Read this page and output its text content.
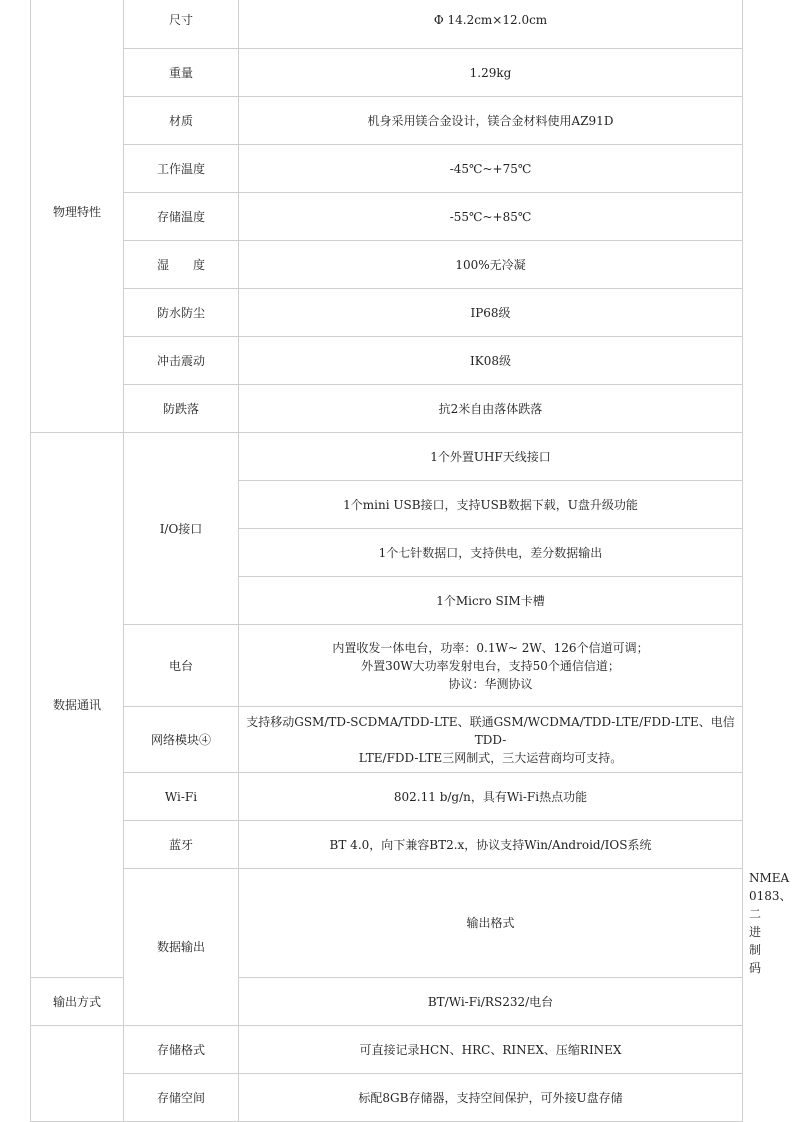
物理特性	尺寸	Φ 14.2cm×12.0cm	
	重量	1.29kg	
	材质	机身采用镁合金设计，镁合金材料使用AZ91D	
	工作温度	-45℃~+75℃	
	存储温度	-55℃~+85℃	
	湿　　度	100%无冷凝	
	防水防尘	IP68级	
	冲击震动	IK08级	
	防跌落	抗2米自由落体跌落	
数据通讯	I/O接口	1个外置UHF天线接口	
		1个mini USB接口，支持USB数据下载，U盘升级功能	
		1个七针数据口，支持供电，差分数据输出	
		1个Micro SIM卡槽	
	电台	内置收发一体电台，功率：0.1W~ 2W、126个信道可调；
外置30W大功率发射电台，支持50个通信信道；
协议：华测协议	

	网络模块④	支持移动GSM/TD-SCDMA/TDD-LTE、联通GSM/WCDMA/TDD-LTE/FDD-LTE、电信TDD-
LTE/FDD-LTE三网制式，三大运营商均可支持。	

	Wi-Fi	802.11 b/g/n，具有Wi-Fi热点功能	
	蓝牙	BT 4.0，向下兼容BT2.x，协议支持Win/Android/IOS系统	
	数据输出	输出格式	NMEA 0183、二进制码
输出方式		BT/Wi-Fi/RS232/电台	
	存储格式	可直接记录HCN、HRC、RINEX、压缩RINEX	
	存储空间	标配8GB存储器，支持空间保护，可外接U盘存储	
